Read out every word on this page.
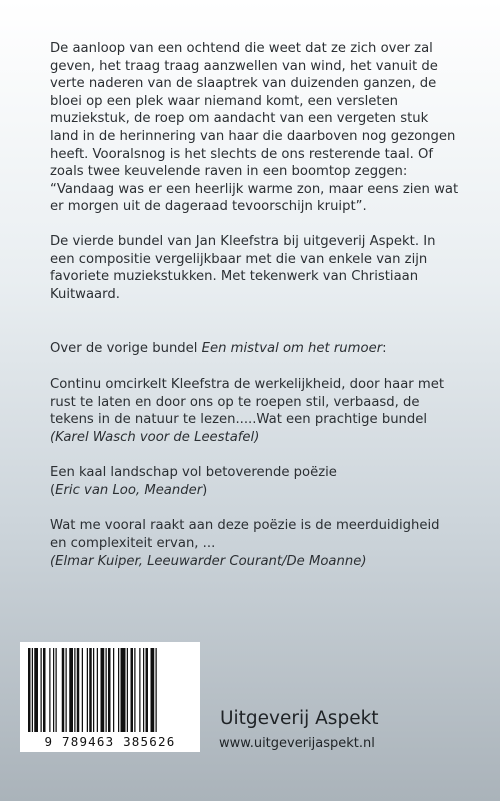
De aanloop van een ochtend die weet dat ze zich over zal geven, het traag traag aanzwellen van wind, het vanuit de verte naderen van de slaaptrek van duizenden ganzen, de bloei op een plek waar niemand komt, een versleten muziekstuk, de roep om aandacht van een vergeten stuk land in de herinnering van haar die daarboven nog gezongen heeft. Vooralsnog is het slechts de ons resterende taal. Of zoals twee keuvelende raven in een boomtop zeggen: “Vandaag was er een heerlijk warme zon, maar eens zien wat er morgen uit de dageraad tevoorschijn kruipt”.

De vierde bundel van Jan Kleefstra bij uitgeverij Aspekt. In een compositie vergelijkbaar met die van enkele van zijn favoriete muziekstukken. Met tekenwerk van Christiaan Kuitwaard.

Over de vorige bundel Een mistval om het rumoer:

Continu omcirkelt Kleefstra de werkelijkheid, door haar met rust te laten en door ons op te roepen stil, verbaasd, de tekens in de natuur te lezen.....Wat een prachtige bundel (Karel Wasch voor de Leestafel)

Een kaal landschap vol betoverende poëzie
(Eric van Loo, Meander)

Wat me vooral raakt aan deze poëzie is de meerduidigheid en complexiteit ervan, ...
(Elmar Kuiper, Leeuwarder Courant/De Moanne)

9 789463 385626
Uitgeverij Aspekt
www.uitgeverijaspekt.nl
